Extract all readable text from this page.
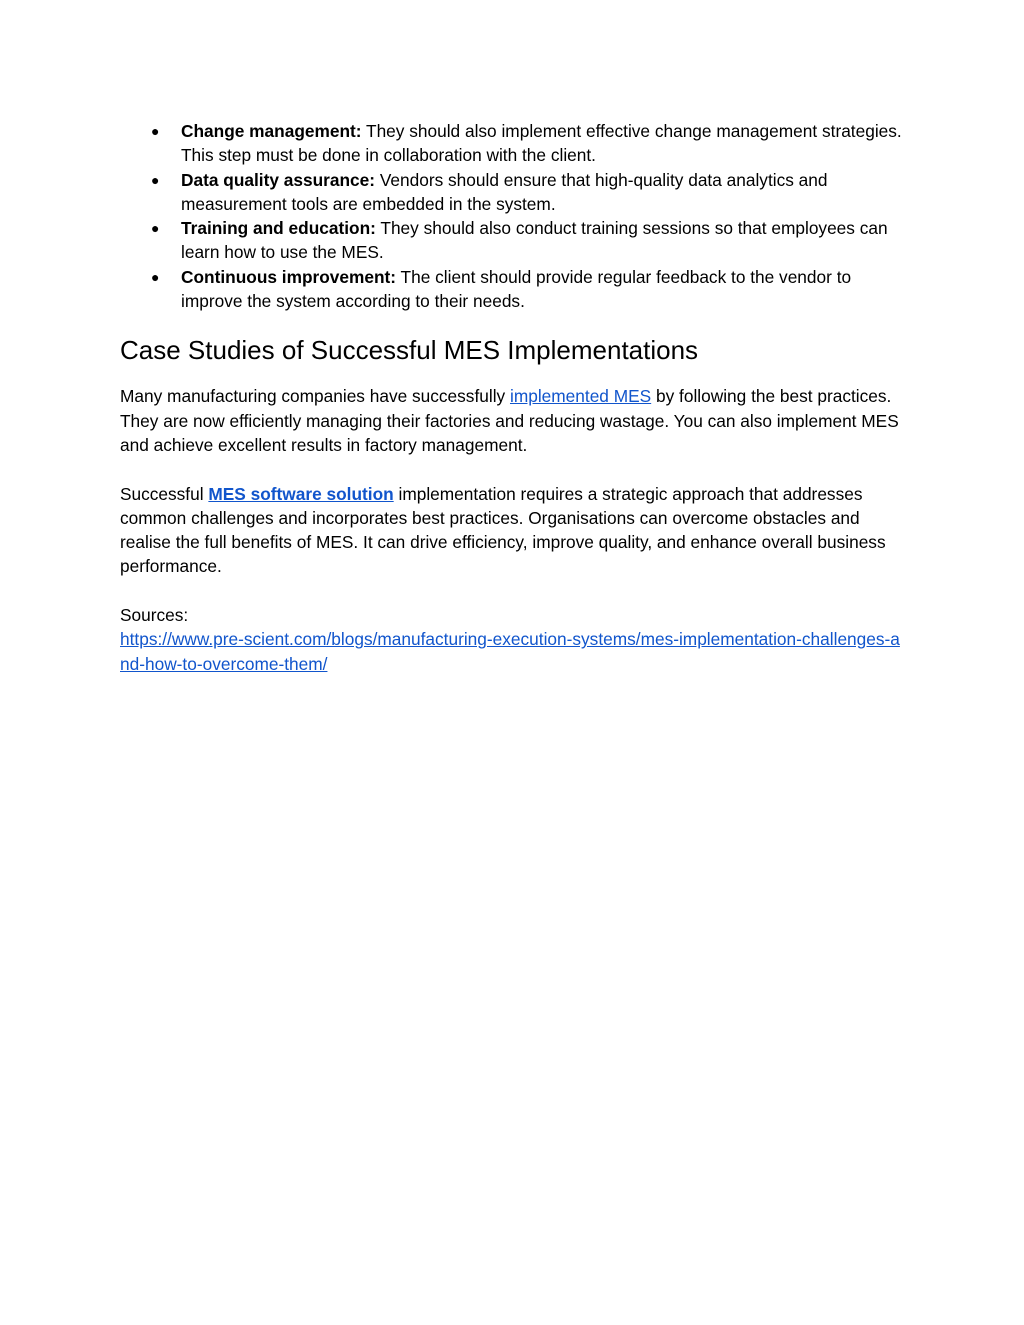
● Change management: They should also implement effective change management strategies. This step must be done in collaboration with the client.
● Data quality assurance: Vendors should ensure that high-quality data analytics and measurement tools are embedded in the system.
● Training and education: They should also conduct training sessions so that employees can learn how to use the MES.
● Continuous improvement: The client should provide regular feedback to the vendor to improve the system according to their needs.
Case Studies of Successful MES Implementations

Many manufacturing companies have successfully implemented MES by following the best practices. They are now efficiently managing their factories and reducing wastage. You can also implement MES and achieve excellent results in factory management.

Successful MES software solution implementation requires a strategic approach that addresses common challenges and incorporates best practices. Organisations can overcome obstacles and realise the full benefits of MES. It can drive efficiency, improve quality, and enhance overall business performance.

Sources:
https://www.pre-scient.com/blogs/manufacturing-execution-systems/mes-implementation-challenges-and-how-to-overcome-them/
